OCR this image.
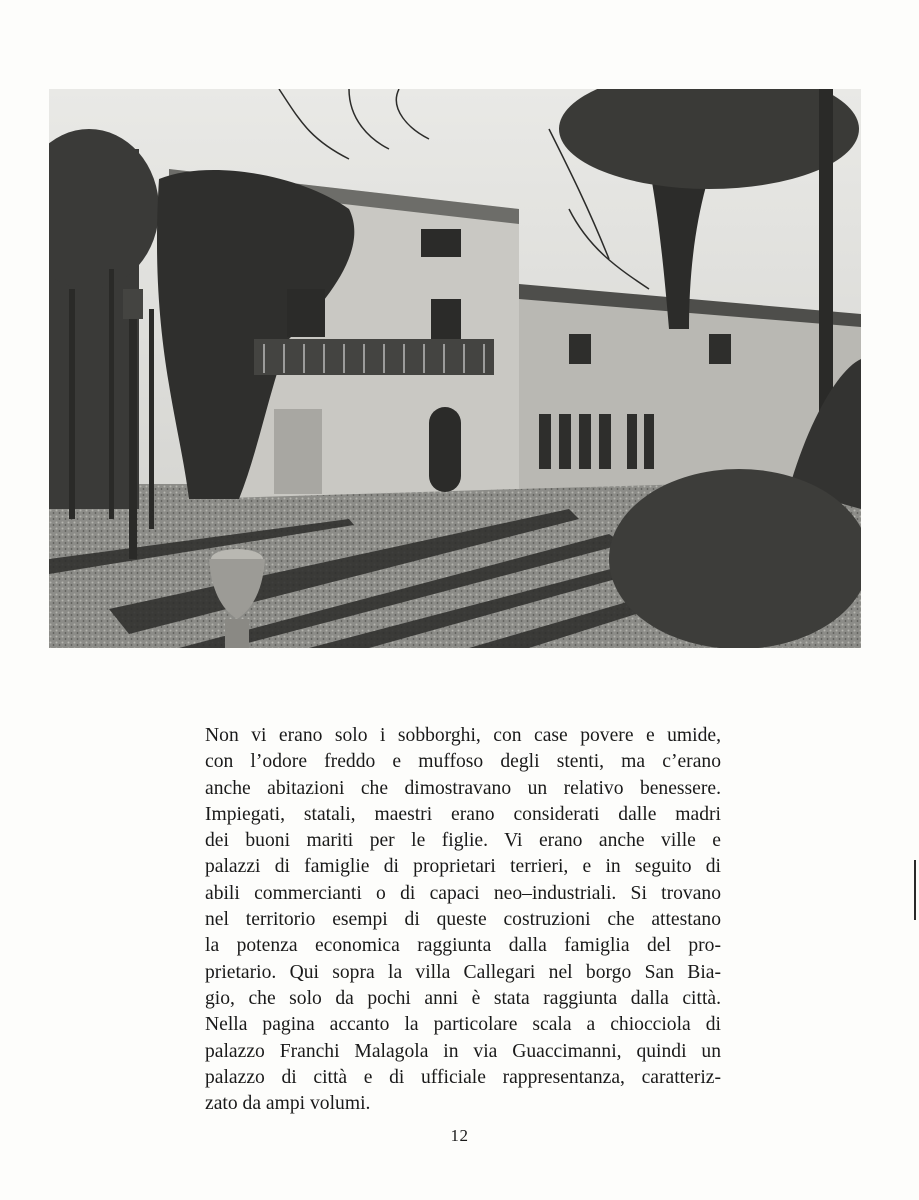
Non vi erano solo i sobborghi, con case povere e umide,
con l’odore freddo e muffoso degli stenti, ma c’erano
anche abitazioni che dimostravano un relativo benessere.
Impiegati, statali, maestri erano considerati dalle madri
dei buoni mariti per le figlie. Vi erano anche ville e
palazzi di famiglie di proprietari terrieri, e in seguito di
abili commercianti o di capaci neo–industriali. Si trovano
nel territorio esempi di queste costruzioni che attestano
la potenza economica raggiunta dalla famiglia del pro-
prietario. Qui sopra la villa Callegari nel borgo San Bia-
gio, che solo da pochi anni è stata raggiunta dalla città.
Nella pagina accanto la particolare scala a chiocciola di
palazzo Franchi Malagola in via Guaccimanni, quindi un
palazzo di città e di ufficiale rappresentanza, caratteriz-
zato da ampi volumi.

12
